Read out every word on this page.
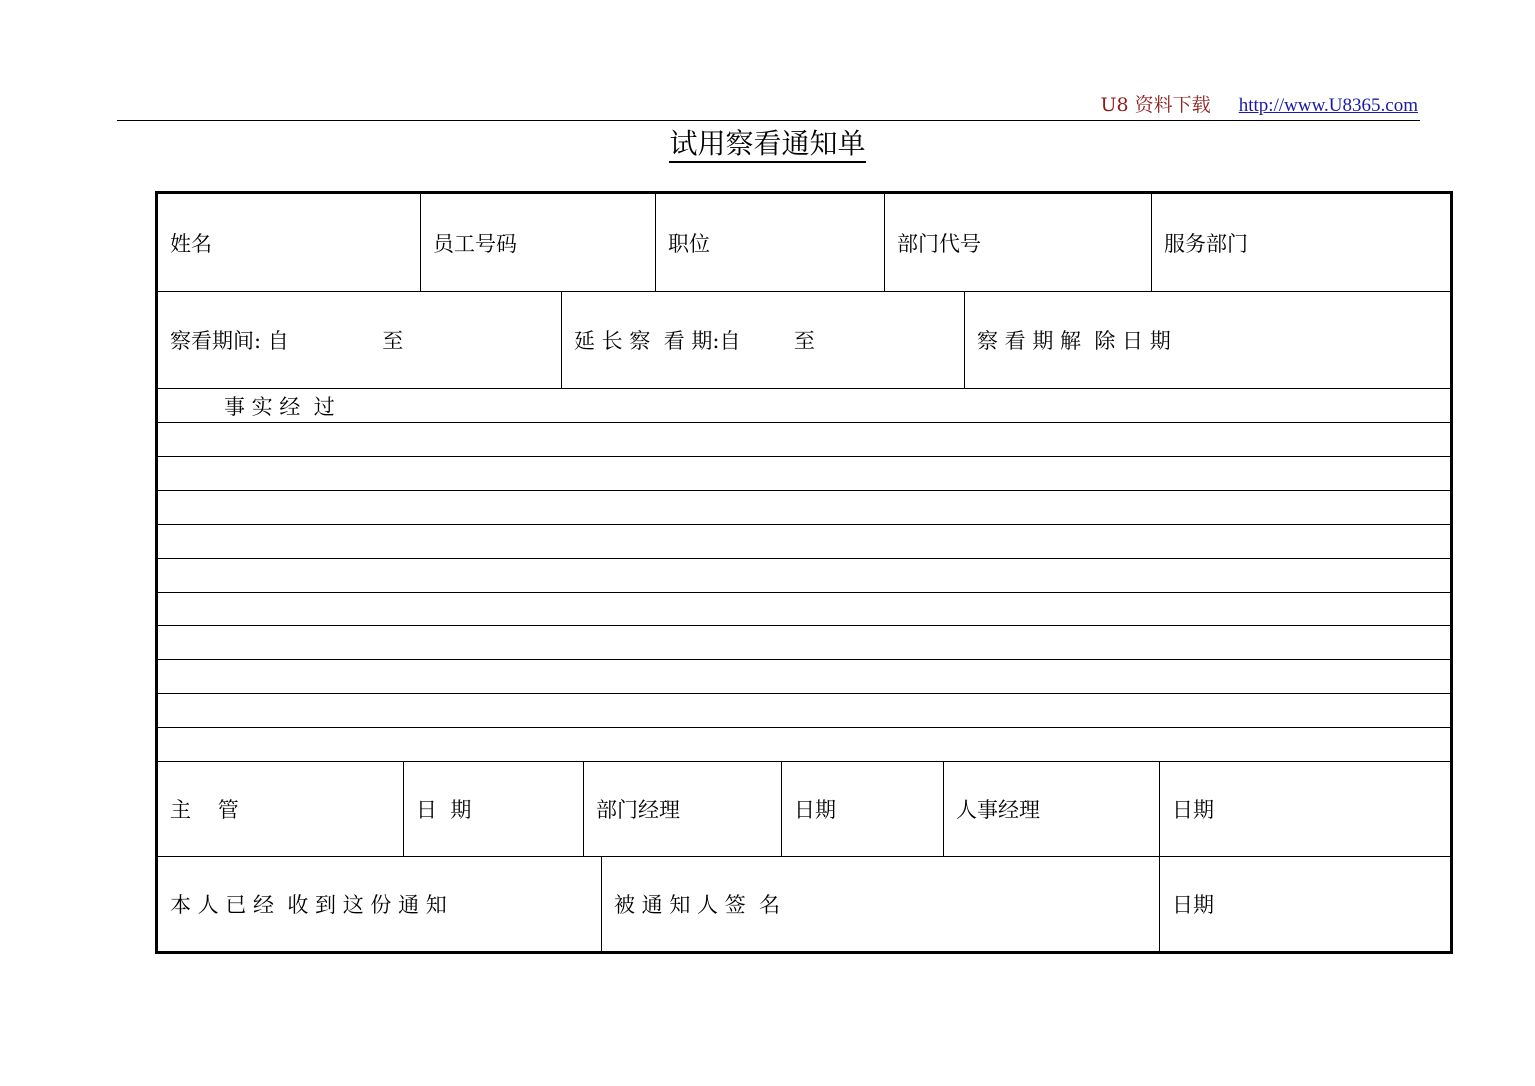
U8 资料下载 http://www.U8365.com
试用察看通知单
姓名	员工号码	职位	部门代号	服务部门
察看期间: 自              至	延 长 察  看 期:自        至	察 看 期 解  除 日 期
事 实 经  过
主    管	日  期	部门经理	日期	人事经理	日期
本 人 已 经  收 到 这 份 通 知	被 通 知 人 签  名	日期
